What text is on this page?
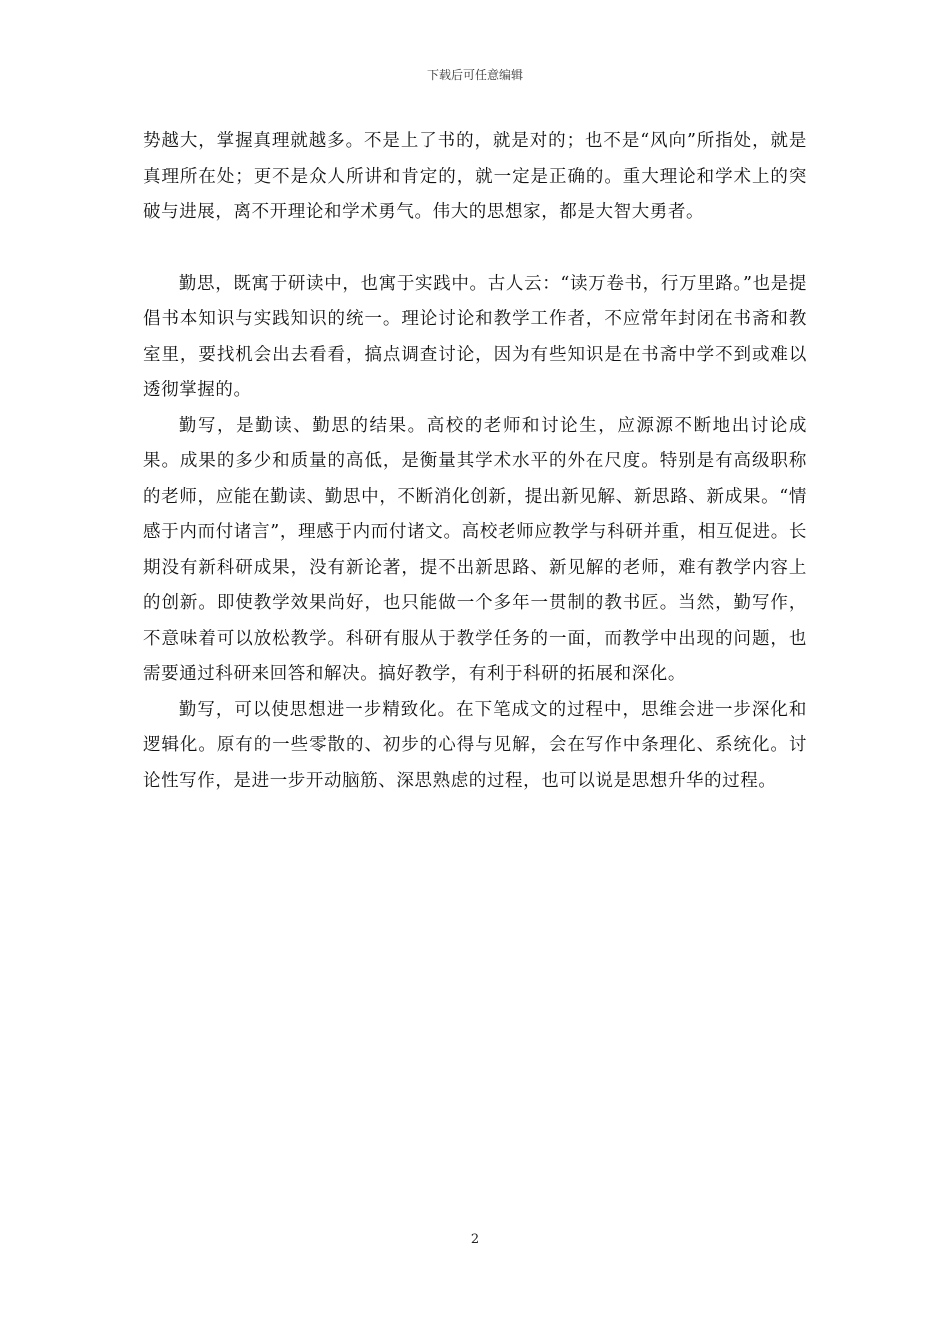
下载后可任意编辑

势越大，掌握真理就越多。不是上了书的，就是对的；也不是“风向”所指处，就是真理所在处；更不是众人所讲和肯定的，就一定是正确的。重大理论和学术上的突破与进展，离不开理论和学术勇气。伟大的思想家，都是大智大勇者。

勤思，既寓于研读中，也寓于实践中。古人云：“读万卷书，行万里路。”也是提倡书本知识与实践知识的统一。理论讨论和教学工作者，不应常年封闭在书斋和教室里，要找机会出去看看，搞点调查讨论，因为有些知识是在书斋中学不到或难以透彻掌握的。

勤写，是勤读、勤思的结果。高校的老师和讨论生，应源源不断地出讨论成果。成果的多少和质量的高低，是衡量其学术水平的外在尺度。特别是有高级职称的老师，应能在勤读、勤思中，不断消化创新，提出新见解、新思路、新成果。“情感于内而付诸言”，理感于内而付诸文。高校老师应教学与科研并重，相互促进。长期没有新科研成果，没有新论著，提不出新思路、新见解的老师，难有教学内容上的创新。即使教学效果尚好，也只能做一个多年一贯制的教书匠。当然，勤写作，不意味着可以放松教学。科研有服从于教学任务的一面，而教学中出现的问题，也需要通过科研来回答和解决。搞好教学，有利于科研的拓展和深化。

勤写，可以使思想进一步精致化。在下笔成文的过程中，思维会进一步深化和逻辑化。原有的一些零散的、初步的心得与见解，会在写作中条理化、系统化。讨论性写作，是进一步开动脑筋、深思熟虑的过程，也可以说是思想升华的过程。

2
